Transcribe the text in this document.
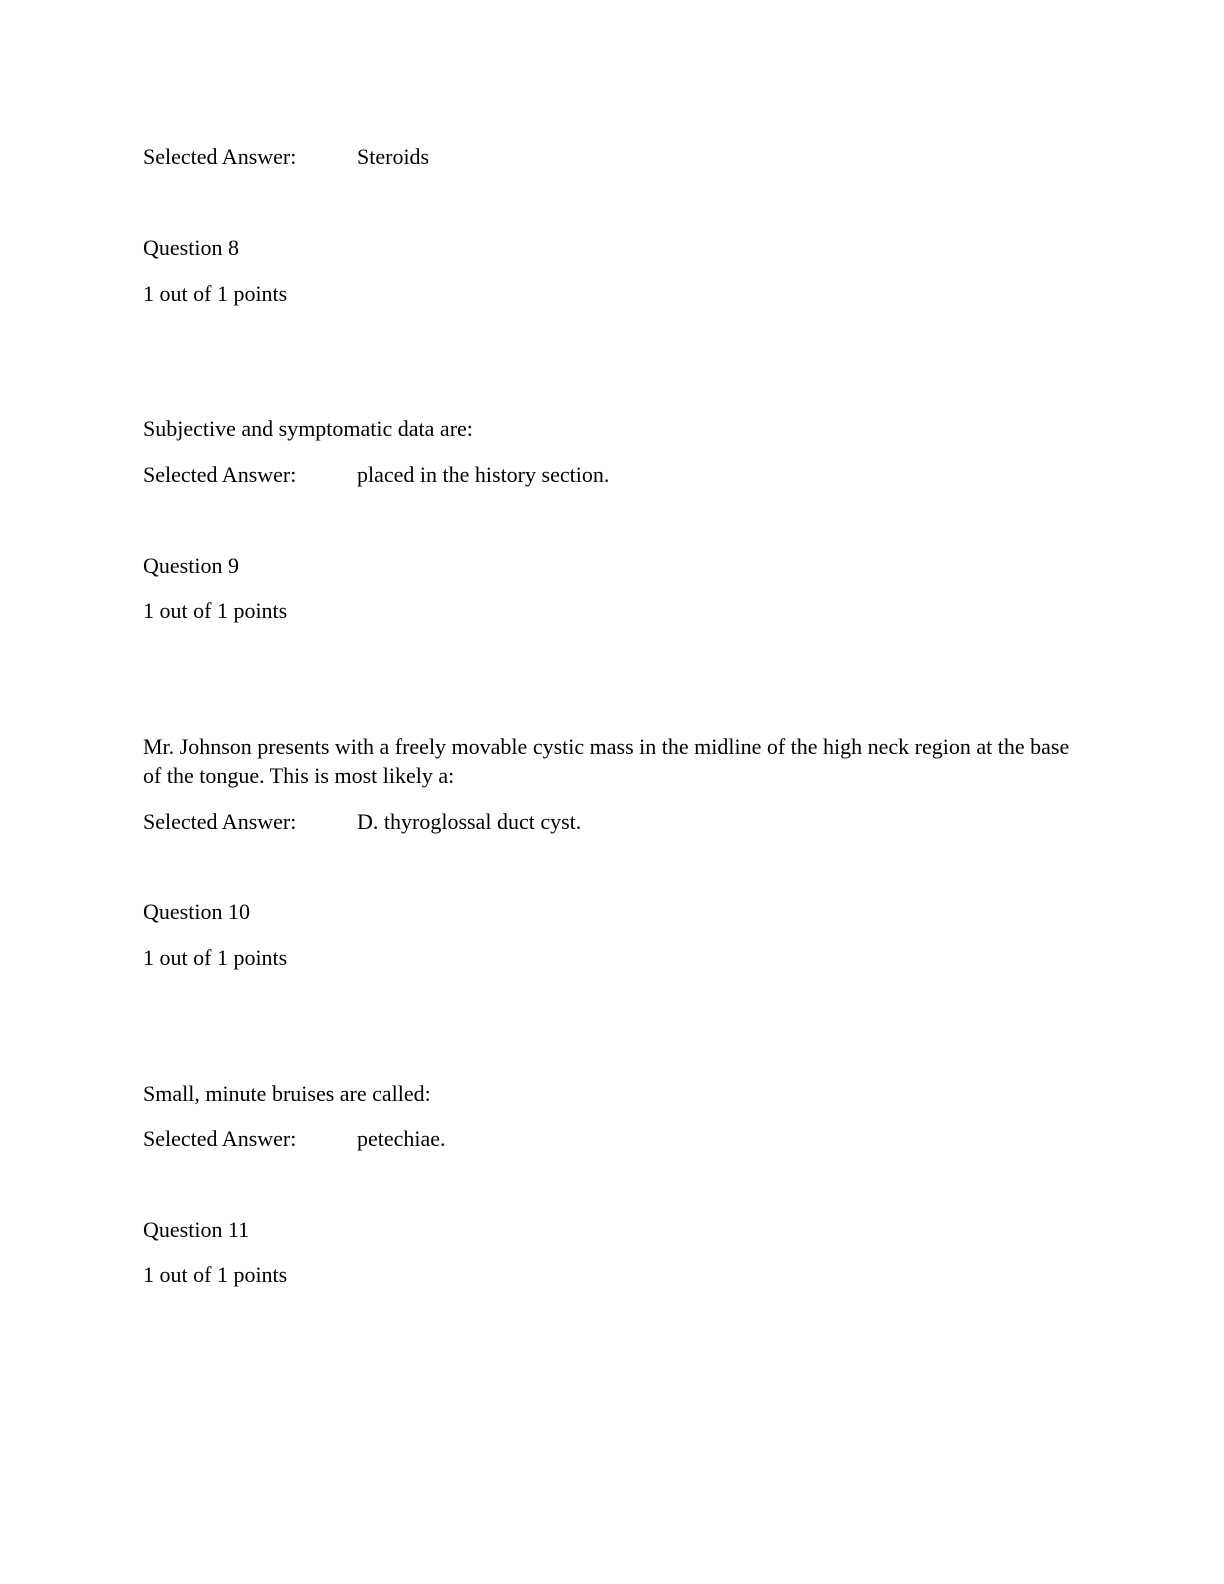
Selected Answer:	Steroids
Question 8
1 out of 1 points
Subjective and symptomatic data are:
Selected Answer:	placed in the history section.
Question 9
1 out of 1 points
Mr. Johnson presents with a freely movable cystic mass in the midline of the high neck region at the base of the tongue. This is most likely a:
Selected Answer:	D. thyroglossal duct cyst.
Question 10
1 out of 1 points
Small, minute bruises are called:
Selected Answer:	petechiae.
Question 11
1 out of 1 points
